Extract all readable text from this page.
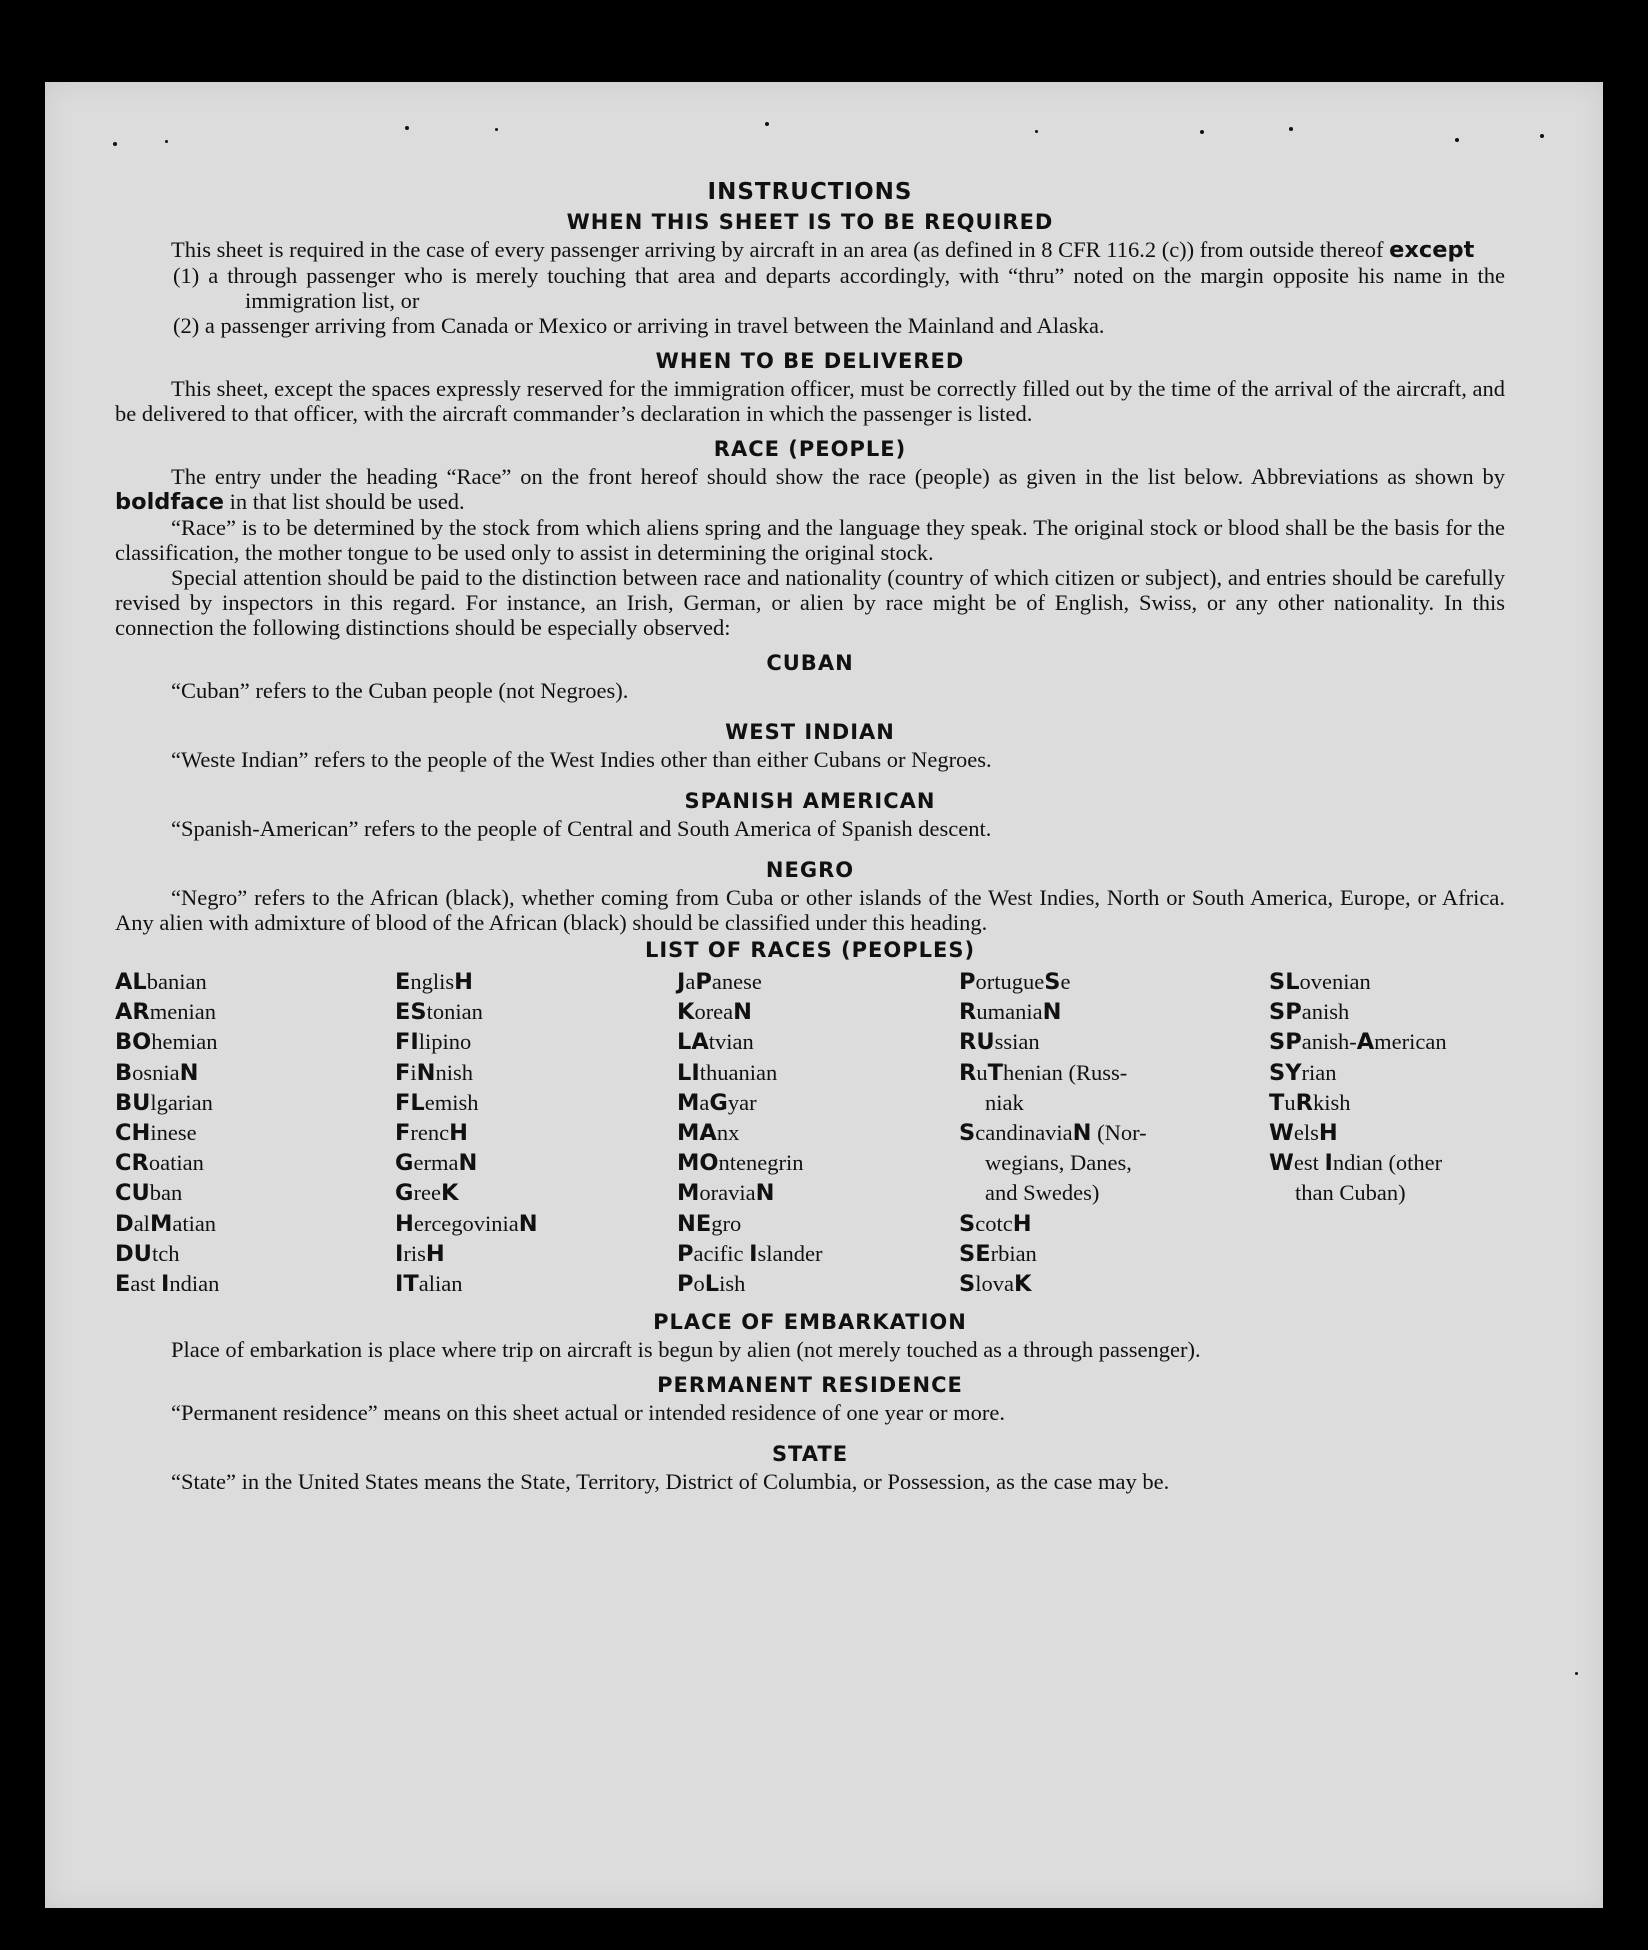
INSTRUCTIONS
WHEN THIS SHEET IS TO BE REQUIRED

This sheet is required in the case of every passenger arriving by aircraft in an area (as defined in 8 CFR 116.2 (c)) from outside thereof except

(1) a through passenger who is merely touching that area and departs accordingly, with “thru” noted on the margin opposite his name in the immigration list, or

(2) a passenger arriving from Canada or Mexico or arriving in travel between the Mainland and Alaska.

WHEN TO BE DELIVERED

This sheet, except the spaces expressly reserved for the immigration officer, must be correctly filled out by the time of the arrival of the aircraft, and be delivered to that officer, with the aircraft commander’s declaration in which the passenger is listed.

RACE (PEOPLE)

The entry under the heading “Race” on the front hereof should show the race (people) as given in the list below. Abbreviations as shown by boldface in that list should be used.

“Race” is to be determined by the stock from which aliens spring and the language they speak. The original stock or blood shall be the basis for the classification, the mother tongue to be used only to assist in determining the original stock.

Special attention should be paid to the distinction between race and nationality (country of which citizen or subject), and entries should be carefully revised by inspectors in this regard. For instance, an Irish, German, or alien by race might be of English, Swiss, or any other nationality. In this connection the following distinctions should be especially observed:

CUBAN

“Cuban” refers to the Cuban people (not Negroes).

WEST INDIAN

“Weste Indian” refers to the people of the West Indies other than either Cubans or Negroes.

SPANISH AMERICAN

“Spanish-American” refers to the people of Central and South America of Spanish descent.

NEGRO

“Negro” refers to the African (black), whether coming from Cuba or other islands of the West Indies, North or South America, Europe, or Africa. Any alien with admixture of blood of the African (black) should be classified under this heading.

LIST OF RACES (PEOPLES)
ALbanian
ARmenian
BOhemian
BosniaN
BUlgarian
CHinese
CRoatian
CUban
DalMatian
DUtch
East Indian
EnglisH
EStonian
FIlipino
FiNnish
FLemish
FrencH
GermaN
GreeK
HercegoviniaN
IrisH
ITalian
JaPanese
KoreaN
LAtvian
LIthuanian
MaGyar
MAnx
MOntenegrin
MoraviaN
NEgro
Pacific Islander
PoLish
PortugueSe
RumaniaN
RUssian
RuThenian (Russ-
niak
ScandinaviaN (Nor-
wegians, Danes,
and Swedes)
ScotcH
SErbian
SlovaK
SLovenian
SPanish
SPanish-American
SYrian
TuRkish
WelsH
West Indian (other
than Cuban)
PLACE OF EMBARKATION

Place of embarkation is place where trip on aircraft is begun by alien (not merely touched as a through passenger).

PERMANENT RESIDENCE

“Permanent residence” means on this sheet actual or intended residence of one year or more.

STATE

“State” in the United States means the State, Territory, District of Columbia, or Possession, as the case may be.
